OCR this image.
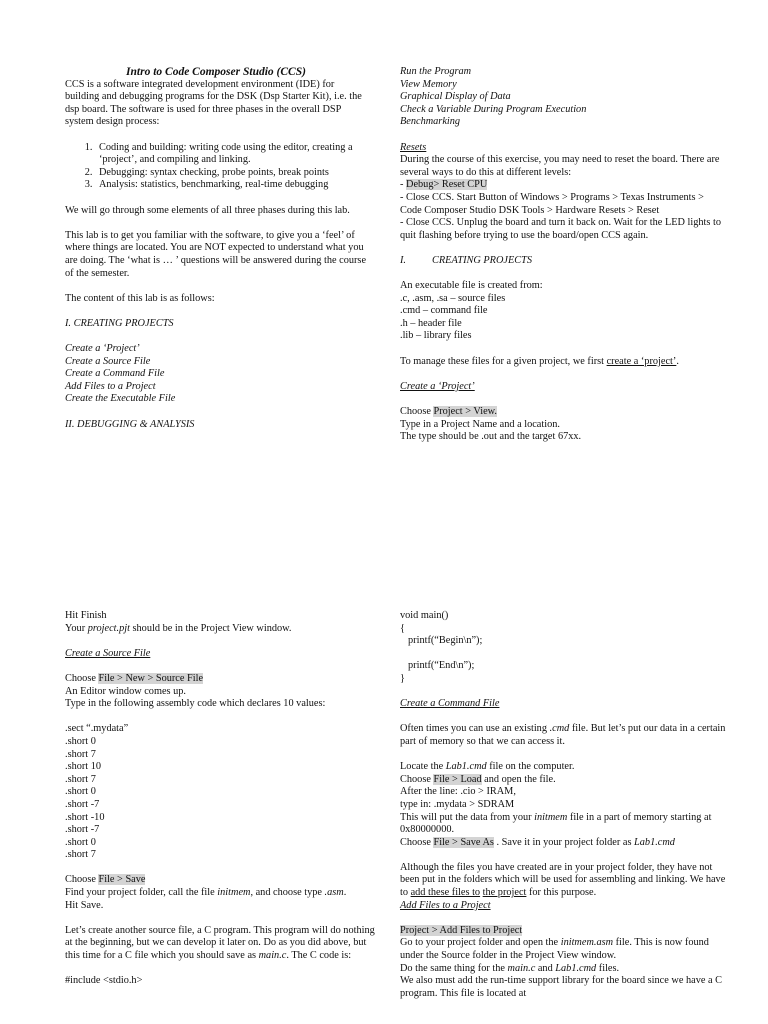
Intro to Code Composer Studio (CCS)

CCS is a software integrated development environment (IDE) for building and debugging programs for the DSK (Dsp Starter Kit), i.e. the dsp board. The software is used for three phases in the overall DSP system design process:

1. Coding and building: writing code using the editor, creating a ‘project’, and compiling and linking.
2. Debugging: syntax checking, probe points, break points
3. Analysis: statistics, benchmarking, real-time debugging

We will go through some elements of all three phases during this lab.

This lab is to get you familiar with the software, to give you a ‘feel’ of where things are located. You are NOT expected to understand what you are doing. The ‘what is … ’ questions will be answered during the course of the semester.

The content of this lab is as follows:

I. CREATING PROJECTS

Create a ‘Project’

Create a Source File

Create a Command File

Add Files to a Project

Create the Executable File

II. DEBUGGING & ANALYSIS

Run the Program

View Memory

Graphical Display of Data

Check a Variable During Program Execution

Benchmarking

Resets

During the course of this exercise, you may need to reset the board. There are several ways to do this at different levels:

- Debug> Reset CPU

- Close CCS. Start Button of Windows > Programs > Texas Instruments > Code Composer Studio DSK Tools > Hardware Resets > Reset

- Close CCS. Unplug the board and turn it back on. Wait for the LED lights to quit flashing before trying to use the board/open CCS again.

I.	CREATING PROJECTS

An executable file is created from:

.c, .asm, .sa – source files

.cmd – command file

.h – header file

.lib – library files

To manage these files for a given project, we first create a ‘project’.

Create a ‘Project’

Choose Project > View.

Type in a Project Name and a location.

The type should be .out and the target 67xx.

Hit Finish

Your project.pjt should be in the Project View window.

Create a Source File

Choose File > New > Source File

An Editor window comes up.

Type in the following assembly code which declares 10 values:

.sect “.mydata”

.short 0

.short 7

.short 10

.short 7

.short 0

.short -7

.short -10

.short -7

.short 0

.short 7

Choose File > Save

Find your project folder, call the file initmem, and choose type .asm.

Hit Save.

Let’s create another source file, a C program. This program will do nothing at the beginning, but we can develop it later on. Do as you did above, but this time for a C file which you should save as main.c. The C code is:

#include <stdio.h>

void main()

{

printf(“Begin\n”);

printf(“End\n”);

}

Create a Command File

Often times you can use an existing .cmd file. But let’s put our data in a certain part of memory so that we can access it.

Locate the Lab1.cmd file on the computer.

Choose File > Load and open the file.

After the line: .cio > IRAM,

type in: .mydata > SDRAM

This will put the data from your initmem file in a part of memory starting at 0x80000000.

Choose File > Save As . Save it in your project folder as Lab1.cmd

Although the files you have created are in your project folder, they have not been put in the folders which will be used for assembling and linking. We have to add these files to the project for this purpose.

Add Files to a Project

Project > Add Files to Project

Go to your project folder and open the initmem.asm file. This is now found under the Source folder in the Project View window.

Do the same thing for the main.c and Lab1.cmd files.

We also must add the run-time support library for the board since we have a C program. This file is located at
